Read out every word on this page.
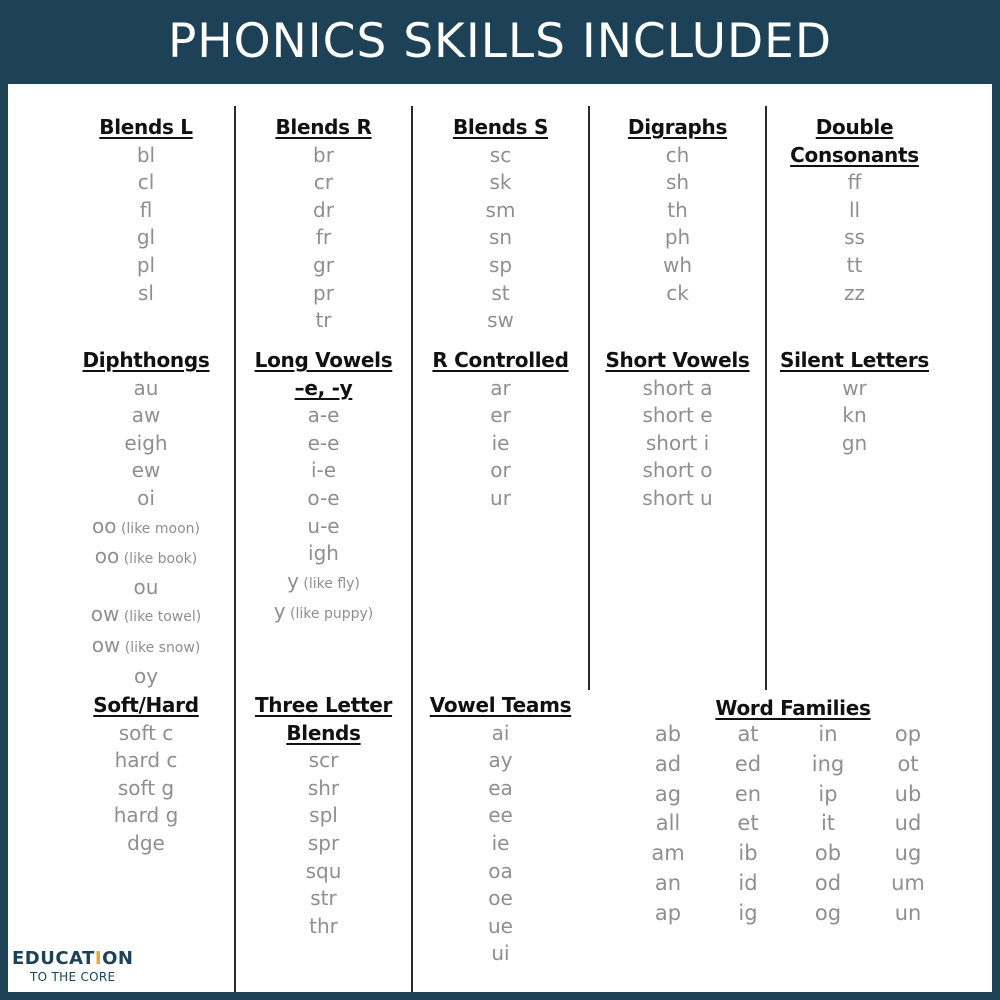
PHONICS SKILLS INCLUDED
Blends L
bl
cl
fl
gl
pl
sl
Blends R
br
cr
dr
fr
gr
pr
tr
Blends S
sc
sk
sm
sn
sp
st
sw
Digraphs
ch
sh
th
ph
wh
ck
Double
Consonants
ff
ll
ss
tt
zz
Diphthongs
au
aw
eigh
ew
oi
oo (like moon)
oo (like book)
ou
ow (like towel)
ow (like snow)
oy
Long Vowels
–e, -y
a-e
e-e
i-e
o-e
u-e
igh
y (like fly)
y (like puppy)
R Controlled
ar
er
ie
or
ur
Short Vowels
short a
short e
short i
short o
short u
Silent Letters
wr
kn
gn
Soft/Hard
soft c
hard c
soft g
hard g
dge
Three Letter
Blends
scr
shr
spl
spr
squ
str
thr
Vowel Teams
ai
ay
ea
ee
ie
oa
oe
ue
ui
Word Families
ab	at	in	op
ad	ed	ing	ot
ag	en	ip	ub
all	et	it	ud
am	ib	ob	ug
an	id	od	um
ap	ig	og	un
EDUCATION
TO THE CORE
